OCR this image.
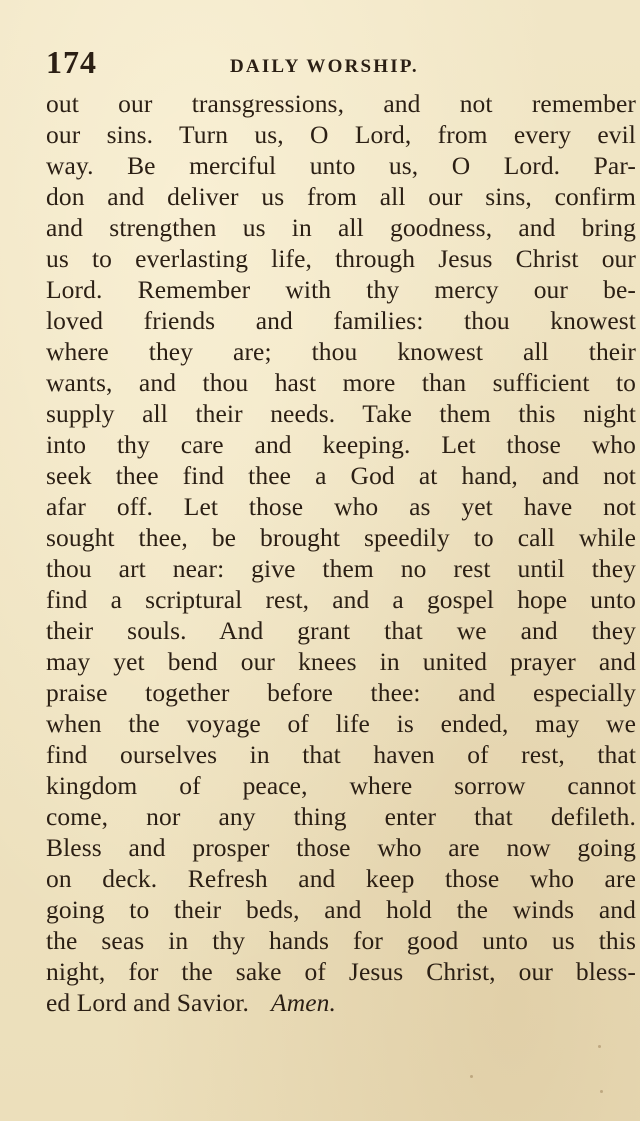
174	DAILY WORSHIP.
out our transgressions, and not remember
our sins. Turn us, O Lord, from every evil
way. Be merciful unto us, O Lord. Par-
don and deliver us from all our sins, confirm
and strengthen us in all goodness, and bring
us to everlasting life, through Jesus Christ our
Lord. Remember with thy mercy our be-
loved friends and families: thou knowest
where they are; thou knowest all their
wants, and thou hast more than sufficient to
supply all their needs. Take them this night
into thy care and keeping. Let those who
seek thee find thee a God at hand, and not
afar off. Let those who as yet have not
sought thee, be brought speedily to call while
thou art near: give them no rest until they
find a scriptural rest, and a gospel hope unto
their souls. And grant that we and they
may yet bend our knees in united prayer and
praise together before thee: and especially
when the voyage of life is ended, may we
find ourselves in that haven of rest, that
kingdom of peace, where sorrow cannot
come, nor any thing enter that defileth.
Bless and prosper those who are now going
on deck. Refresh and keep those who are
going to their beds, and hold the winds and
the seas in thy hands for good unto us this
night, for the sake of Jesus Christ, our bless-
ed Lord and Savior. Amen.
